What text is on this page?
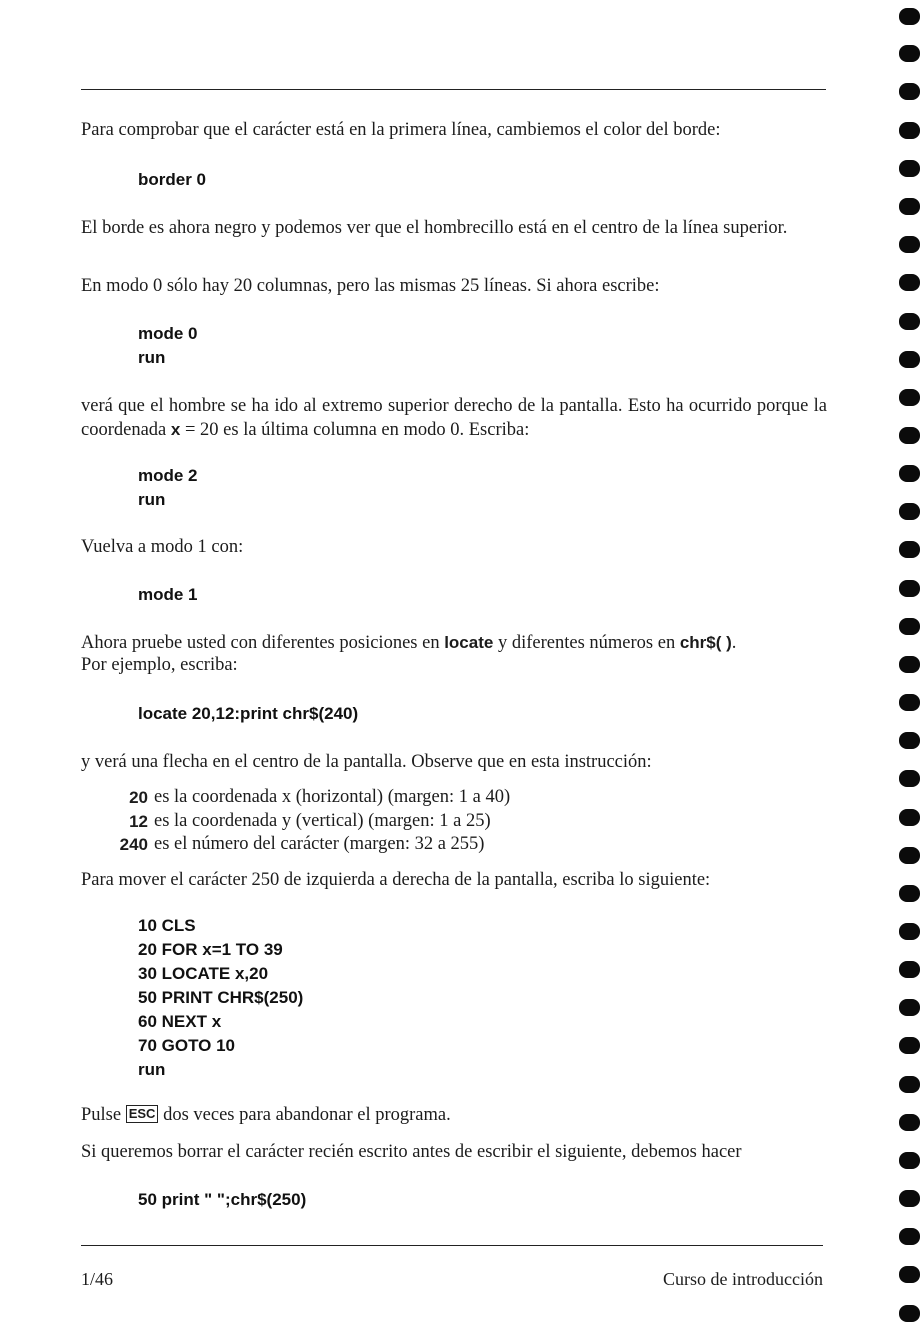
Para comprobar que el carácter está en la primera línea, cambiemos el color del borde:
border 0
El borde es ahora negro y podemos ver que el hombrecillo está en el centro de la línea superior.
En modo 0 sólo hay 20 columnas, pero las mismas 25 líneas. Si ahora escribe:
mode 0
run
verá que el hombre se ha ido al extremo superior derecho de la pantalla. Esto ha ocurrido porque la coordenada x = 20 es la última columna en modo 0. Escriba:
mode 2
run
Vuelva a modo 1 con:
mode 1
Ahora pruebe usted con diferentes posiciones en locate y diferentes números en chr$( ).
Por ejemplo, escriba:
locate 20,12:print chr$(240)
y verá una flecha en el centro de la pantalla. Observe que en esta instrucción:
20 es la coordenada x (horizontal) (margen: 1 a 40)
12 es la coordenada y (vertical) (margen: 1 a 25)
240 es el número del carácter (margen: 32 a 255)
Para mover el carácter 250 de izquierda a derecha de la pantalla, escriba lo siguiente:
10 CLS
20 FOR x=1 TO 39
30 LOCATE x,20
50 PRINT CHR$(250)
60 NEXT x
70 GOTO 10
run
Pulse ESC dos veces para abandonar el programa.
Si queremos borrar el carácter recién escrito antes de escribir el siguiente, debemos hacer
50 print " ";chr$(250)
1/46	Curso de introducción
